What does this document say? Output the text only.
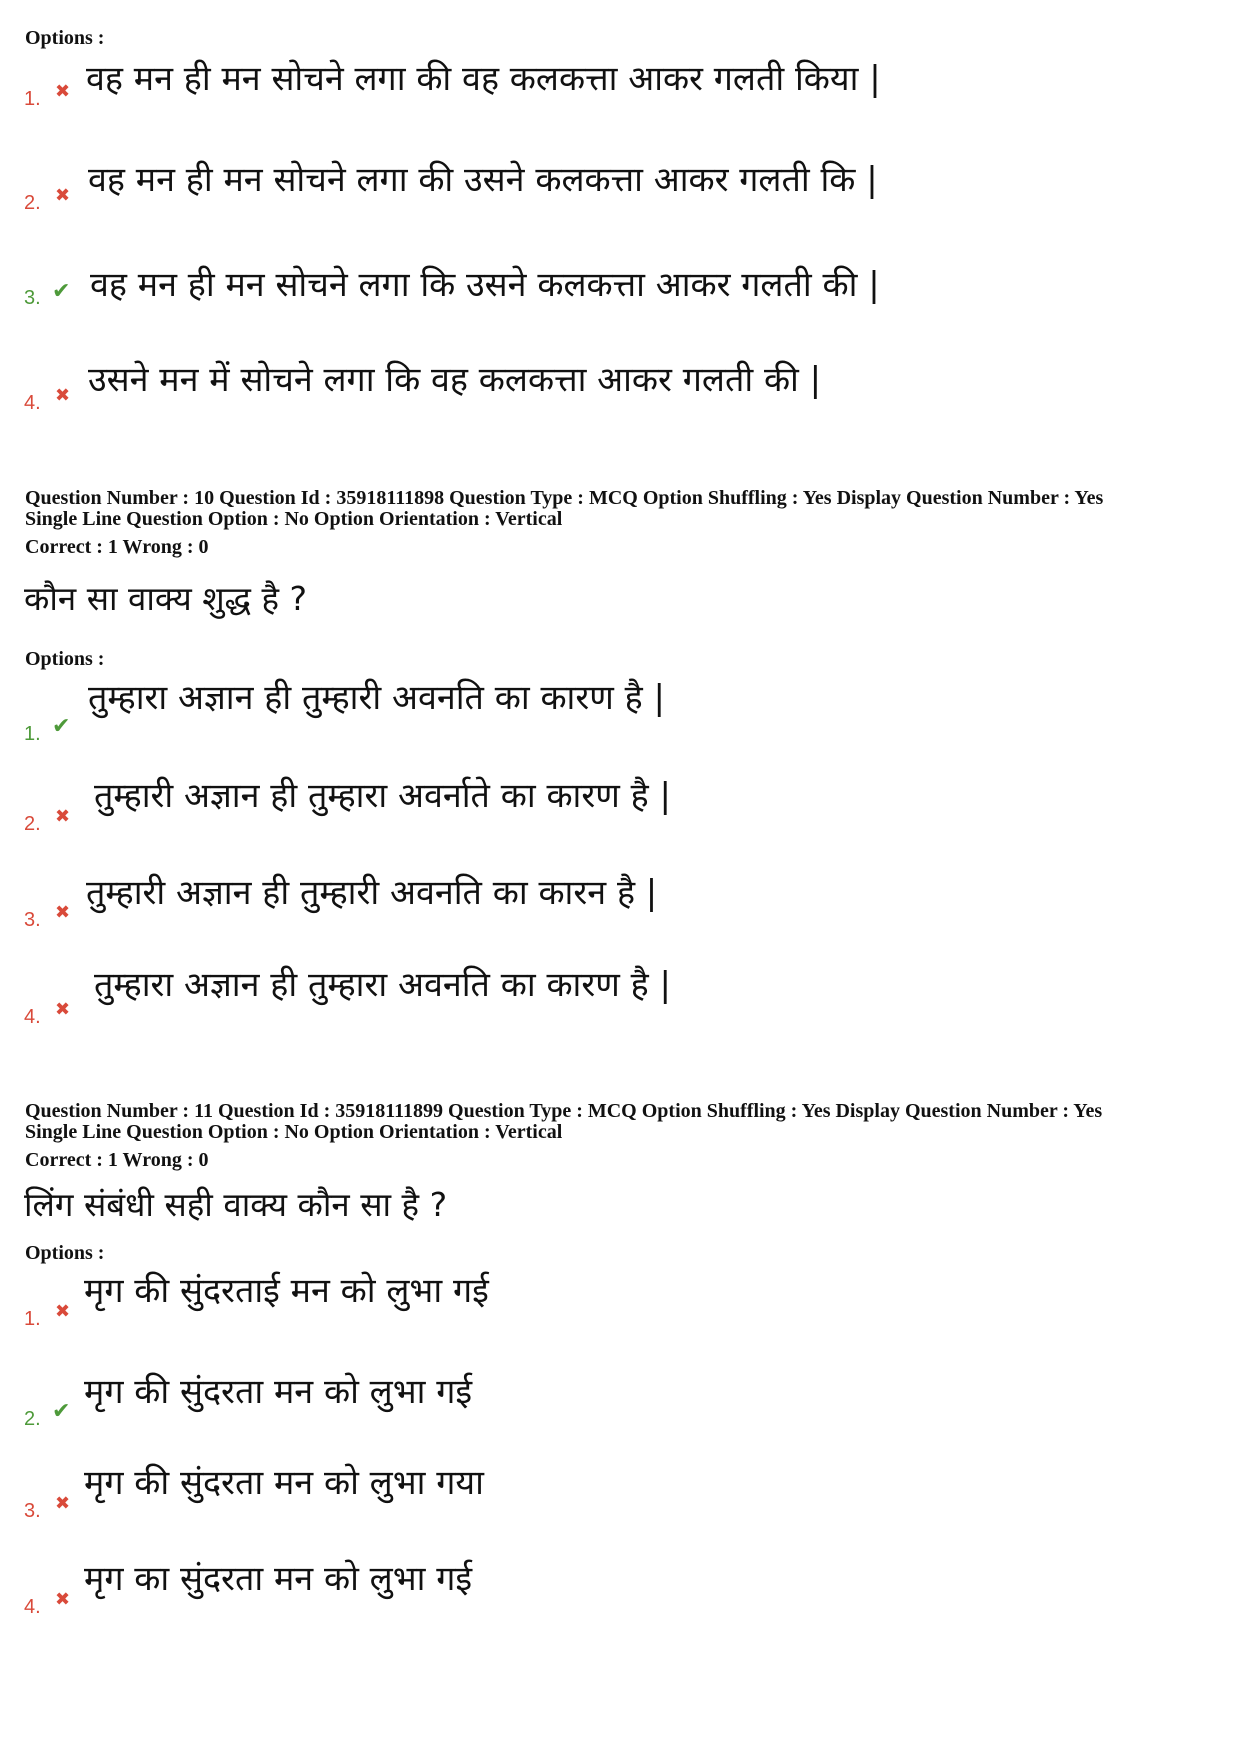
Options :
1. ✖ वह मन ही मन सोचने लगा की वह कलकत्ता आकर गलती किया |
2. ✖ वह मन ही मन सोचने लगा की उसने कलकत्ता आकर गलती कि |
3. ✔ वह मन ही मन सोचने लगा कि उसने कलकत्ता आकर गलती की |
4. ✖ उसने मन में सोचने लगा कि वह कलकत्ता आकर गलती की |
Question Number : 10 Question Id : 35918111898 Question Type : MCQ Option Shuffling : Yes Display Question Number : Yes
Single Line Question Option : No Option Orientation : Vertical
Correct : 1 Wrong : 0
कौन सा वाक्य शुद्ध है ?
Options :
1. ✔
तुम्हारा अज्ञान ही तुम्हारी अवनति का कारण है |
2. ✖
तुम्हारी अज्ञान ही तुम्हारा अवर्नाते का कारण है |
3. ✖ तुम्हारी अज्ञान ही तुम्हारी अवनति का कारन है |
4. ✖
तुम्हारा अज्ञान ही तुम्हारा अवनति का कारण है |
Question Number : 11 Question Id : 35918111899 Question Type : MCQ Option Shuffling : Yes Display Question Number : Yes
Single Line Question Option : No Option Orientation : Vertical
Correct : 1 Wrong : 0
लिंग संबंधी सही वाक्य कौन सा है ?
Options :
1. ✖
मृग की सुंदरताई मन को लुभा गई
2. ✔ मृग की सुंदरता मन को लुभा गई
3. ✖
मृग की सुंदरता मन को लुभा गया
4. ✖
मृग का सुंदरता मन को लुभा गई
